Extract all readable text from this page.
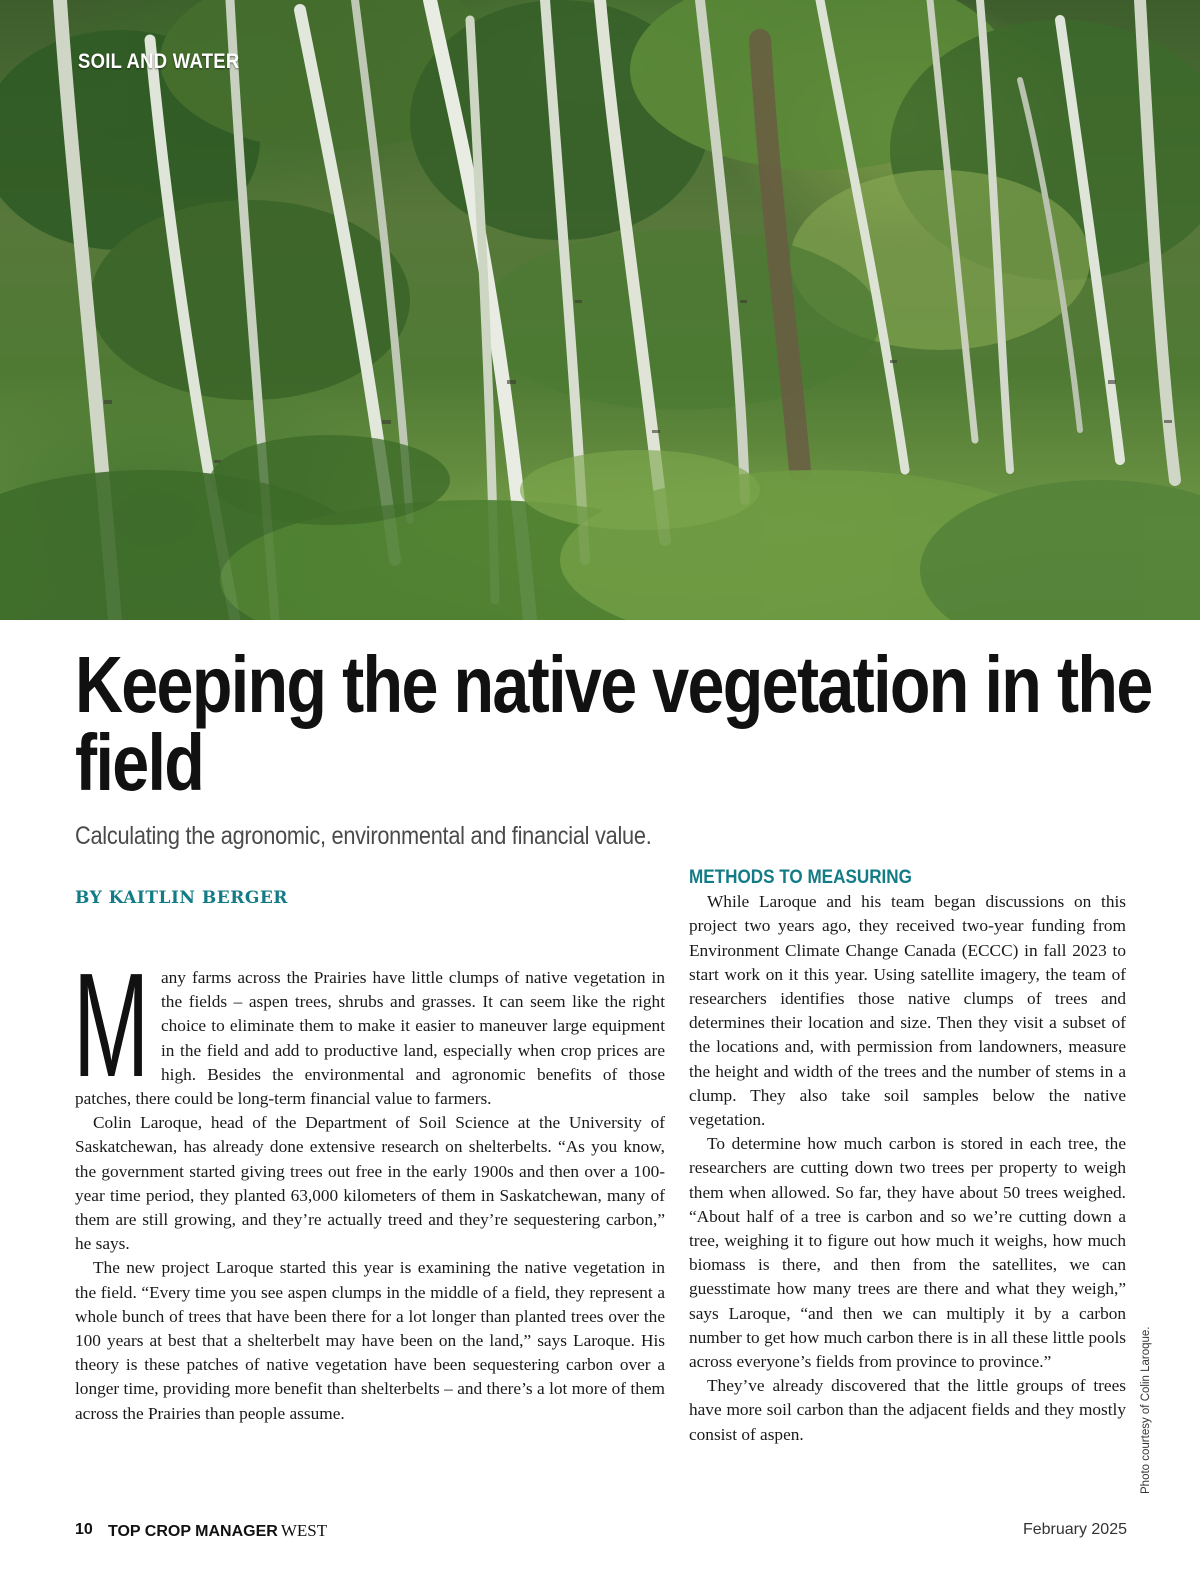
SOIL AND WATER

Keeping the native vegetation in the field

Calculating the agronomic, environmental and financial value.

BY KAITLIN BERGER

Many farms across the Prairies have little clumps of native vegetation in the fields – aspen trees, shrubs and grasses. It can seem like the right choice to eliminate them to make it easier to maneuver large equipment in the field and add to productive land, especially when crop prices are high. Besides the environmental and agronomic benefits of those patches, there could be long-term financial value to farmers.

Colin Laroque, head of the Department of Soil Science at the University of Saskatchewan, has already done extensive research on shelterbelts. “As you know, the government started giving trees out free in the early 1900s and then over a 100-year time period, they planted 63,000 kilometers of them in Saskatchewan, many of them are still growing, and they’re actually treed and they’re sequestering carbon,” he says.

The new project Laroque started this year is examining the native vegetation in the field. “Every time you see aspen clumps in the middle of a field, they represent a whole bunch of trees that have been there for a lot longer than planted trees over the 100 years at best that a shelterbelt may have been on the land,” says Laroque. His theory is these patches of native vegetation have been sequestering carbon over a longer time, providing more benefit than shelterbelts – and there’s a lot more of them across the Prairies than people assume.

METHODS TO MEASURING

While Laroque and his team began discussions on this project two years ago, they received two-year funding from Environment Climate Change Canada (ECCC) in fall 2023 to start work on it this year. Using satellite imagery, the team of researchers identifies those native clumps of trees and determines their location and size. Then they visit a subset of the locations and, with permission from landowners, measure the height and width of the trees and the number of stems in a clump. They also take soil samples below the native vegetation.

To determine how much carbon is stored in each tree, the researchers are cutting down two trees per property to weigh them when allowed. So far, they have about 50 trees weighed. “About half of a tree is carbon and so we’re cutting down a tree, weighing it to figure out how much it weighs, how much biomass is there, and then from the satellites, we can guesstimate how many trees are there and what they weigh,” says Laroque, “and then we can multiply it by a carbon number to get how much carbon there is in all these little pools across everyone’s fields from province to province.”

They’ve already discovered that the little groups of trees have more soil carbon than the adjacent fields and they mostly consist of aspen.	Photo courtesy of Colin Laroque.

10 TOP CROP MANAGER WEST	February 2025
